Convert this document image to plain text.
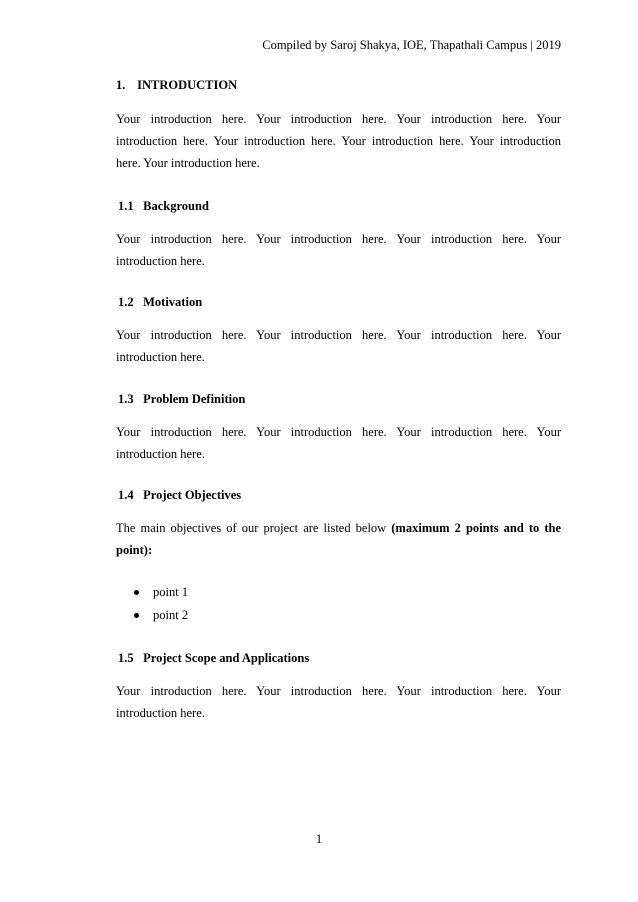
Compiled by Saroj Shakya, IOE, Thapathali Campus | 2019
1. INTRODUCTION

Your introduction here. Your introduction here. Your introduction here. Your introduction here. Your introduction here. Your introduction here. Your introduction here. Your introduction here.

1.1 Background

Your introduction here. Your introduction here. Your introduction here. Your introduction here.

1.2 Motivation

Your introduction here. Your introduction here. Your introduction here. Your introduction here.

1.3 Problem Definition

Your introduction here. Your introduction here. Your introduction here. Your introduction here.

1.4 Project Objectives

The main objectives of our project are listed below (maximum 2 points and to the point):

point 1
point 2
1.5 Project Scope and Applications

Your introduction here. Your introduction here. Your introduction here. Your introduction here.

1
